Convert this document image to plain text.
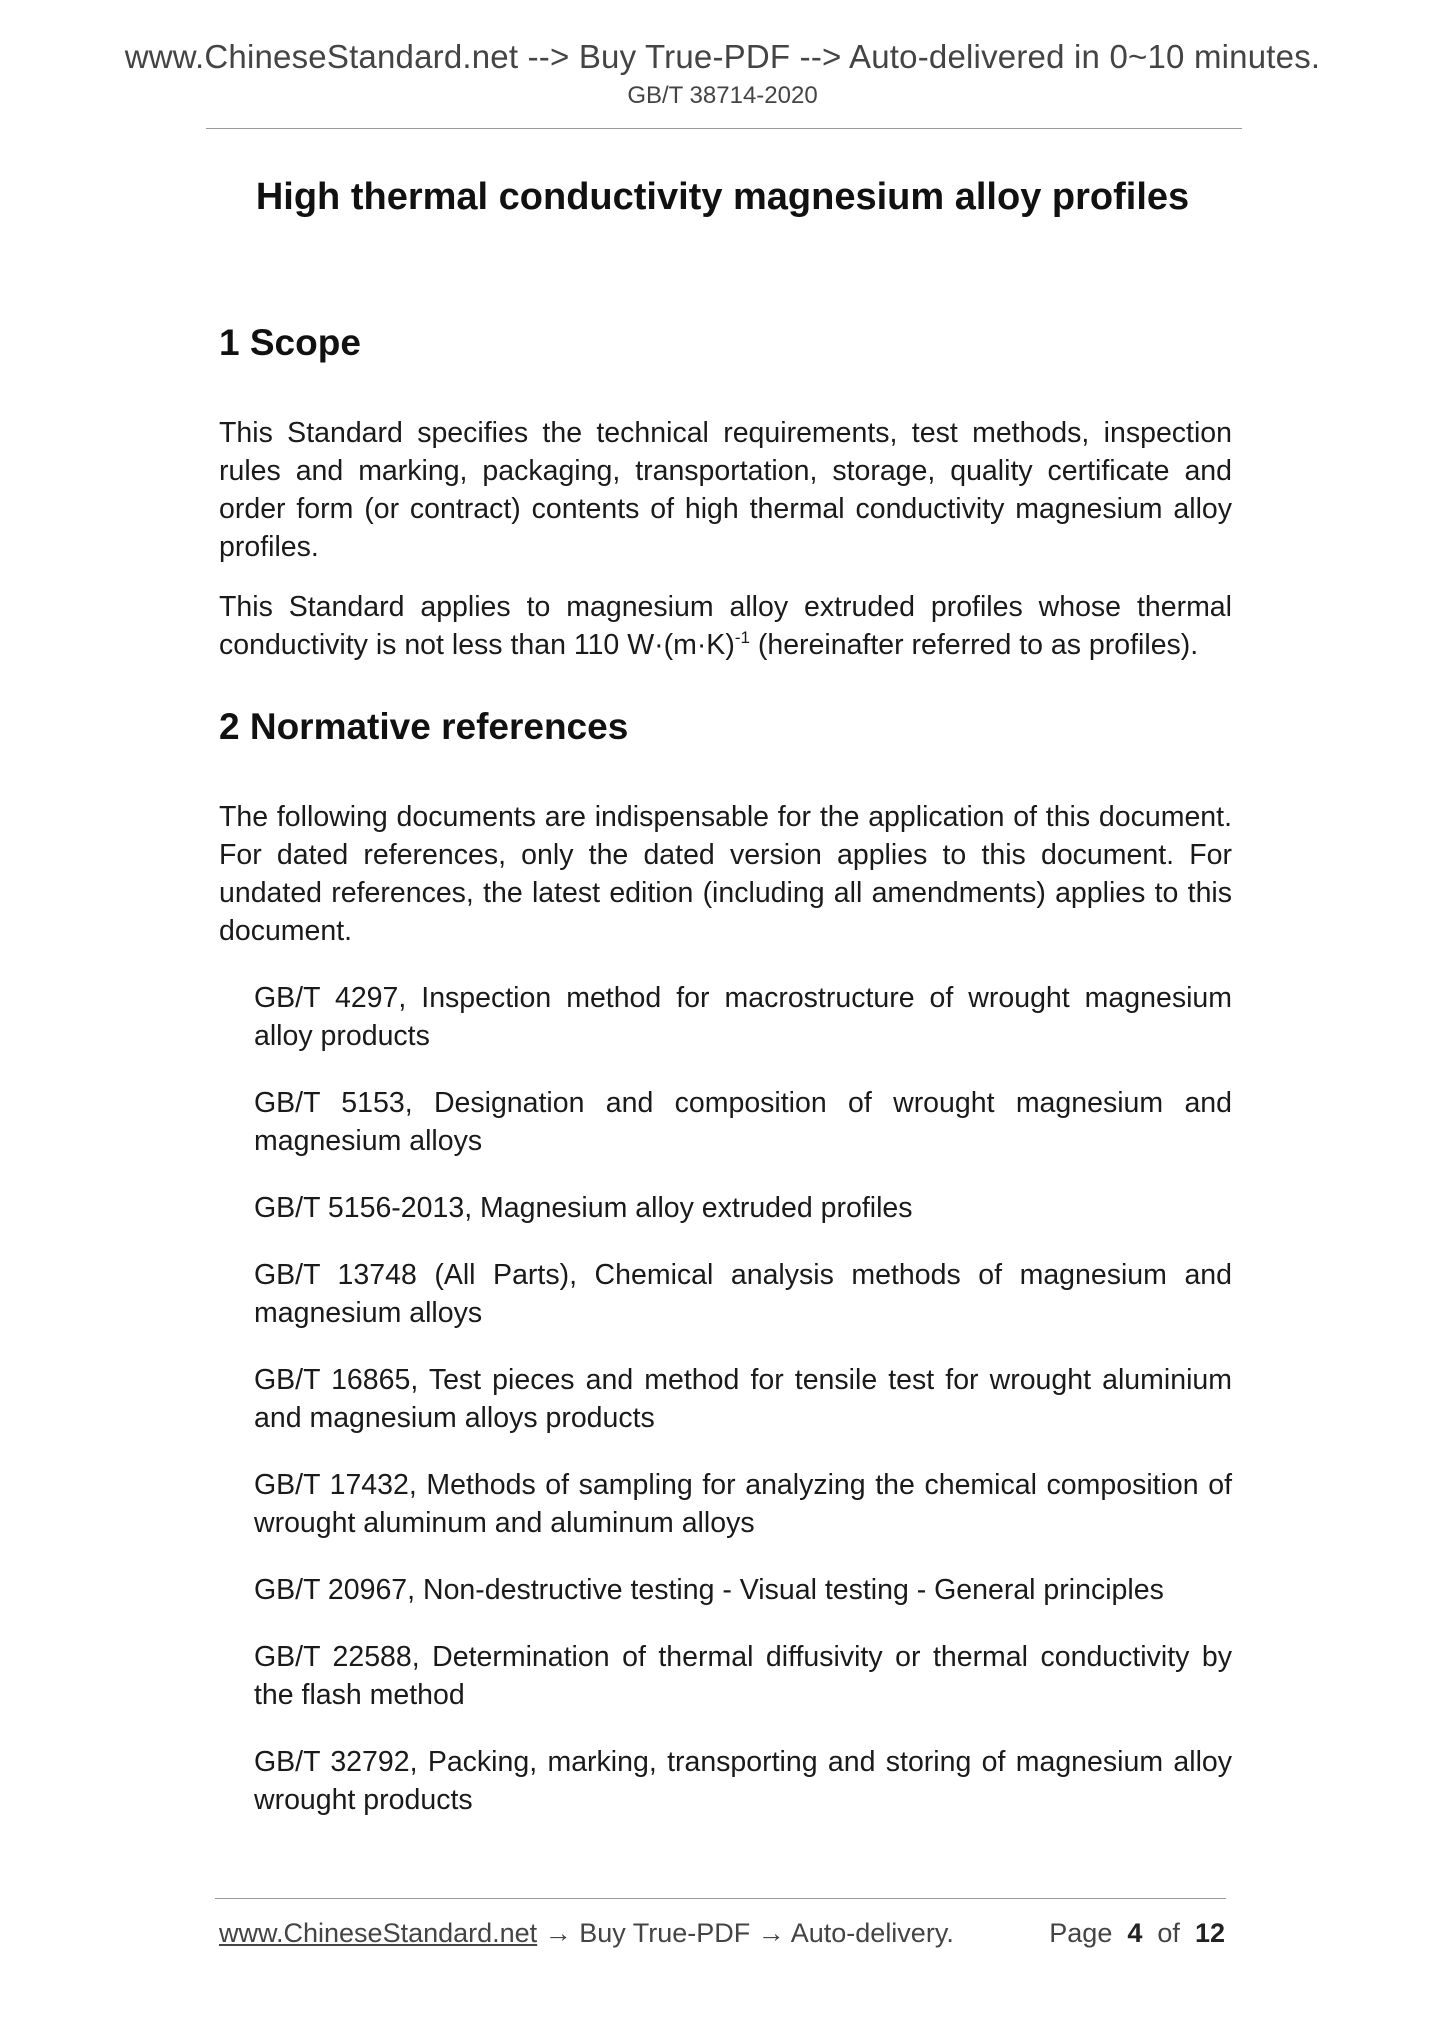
www.ChineseStandard.net --> Buy True-PDF --> Auto-delivered in 0~10 minutes.
GB/T 38714-2020
High thermal conductivity magnesium alloy profiles
1 Scope

This Standard specifies the technical requirements, test methods, inspection rules and marking, packaging, transportation, storage, quality certificate and order form (or contract) contents of high thermal conductivity magnesium alloy profiles.

This Standard applies to magnesium alloy extruded profiles whose thermal conductivity is not less than 110 $W\cdot(m\cdot K)^{-1}$ (hereinafter referred to as profiles).

2 Normative references

The following documents are indispensable for the application of this document. For dated references, only the dated version applies to this document. For undated references, the latest edition (including all amendments) applies to this document.

GB/T 4297, Inspection method for macrostructure of wrought magnesium alloy products

GB/T 5153, Designation and composition of wrought magnesium and magnesium alloys

GB/T 5156-2013, Magnesium alloy extruded profiles

GB/T 13748 (All Parts), Chemical analysis methods of magnesium and magnesium alloys

GB/T 16865, Test pieces and method for tensile test for wrought aluminium and magnesium alloys products

GB/T 17432, Methods of sampling for analyzing the chemical composition of wrought aluminum and aluminum alloys

GB/T 20967, Non-destructive testing - Visual testing - General principles

GB/T 22588, Determination of thermal diffusivity or thermal conductivity by the flash method

GB/T 32792, Packing, marking, transporting and storing of magnesium alloy wrought products

www.ChineseStandard.net → Buy True-PDF → Auto-delivery.	Page 4 of 12
